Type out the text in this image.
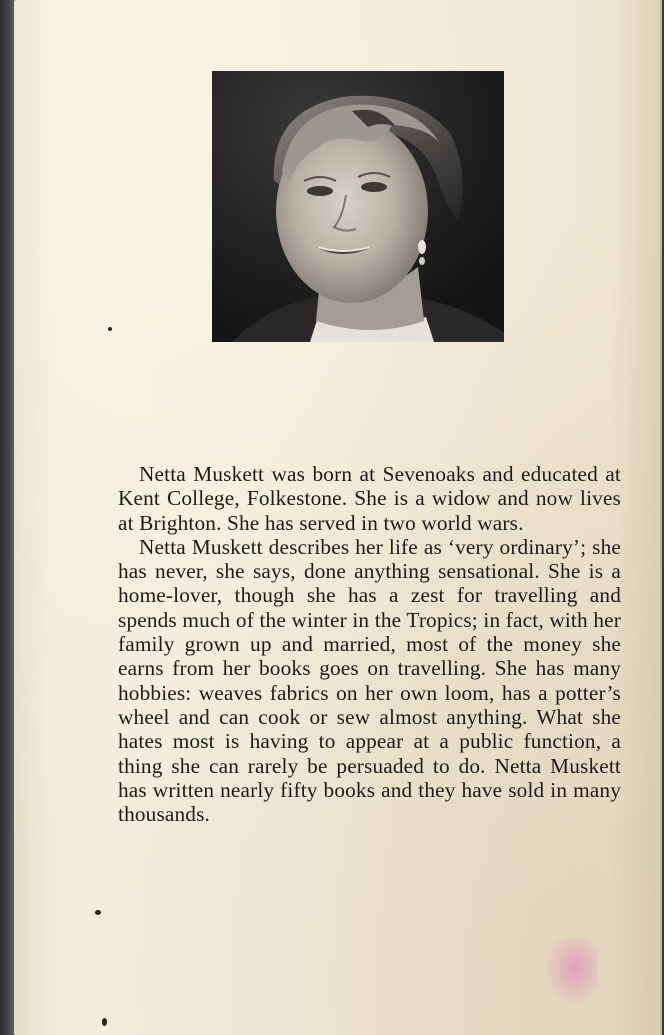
Netta Muskett was born at Sevenoaks and educated at Kent College, Folkestone. She is a widow and now lives at Brighton. She has served in two world wars.

Netta Muskett describes her life as ‘very ordinary’; she has never, she says, done anything sensational. She is a home-lover, though she has a zest for travelling and spends much of the winter in the Tropics; in fact, with her family grown up and married, most of the money she earns from her books goes on travelling. She has many hobbies: weaves fabrics on her own loom, has a potter’s wheel and can cook or sew almost anything. What she hates most is having to appear at a public function, a thing she can rarely be persuaded to do. Netta Muskett has written nearly fifty books and they have sold in many thousands.
